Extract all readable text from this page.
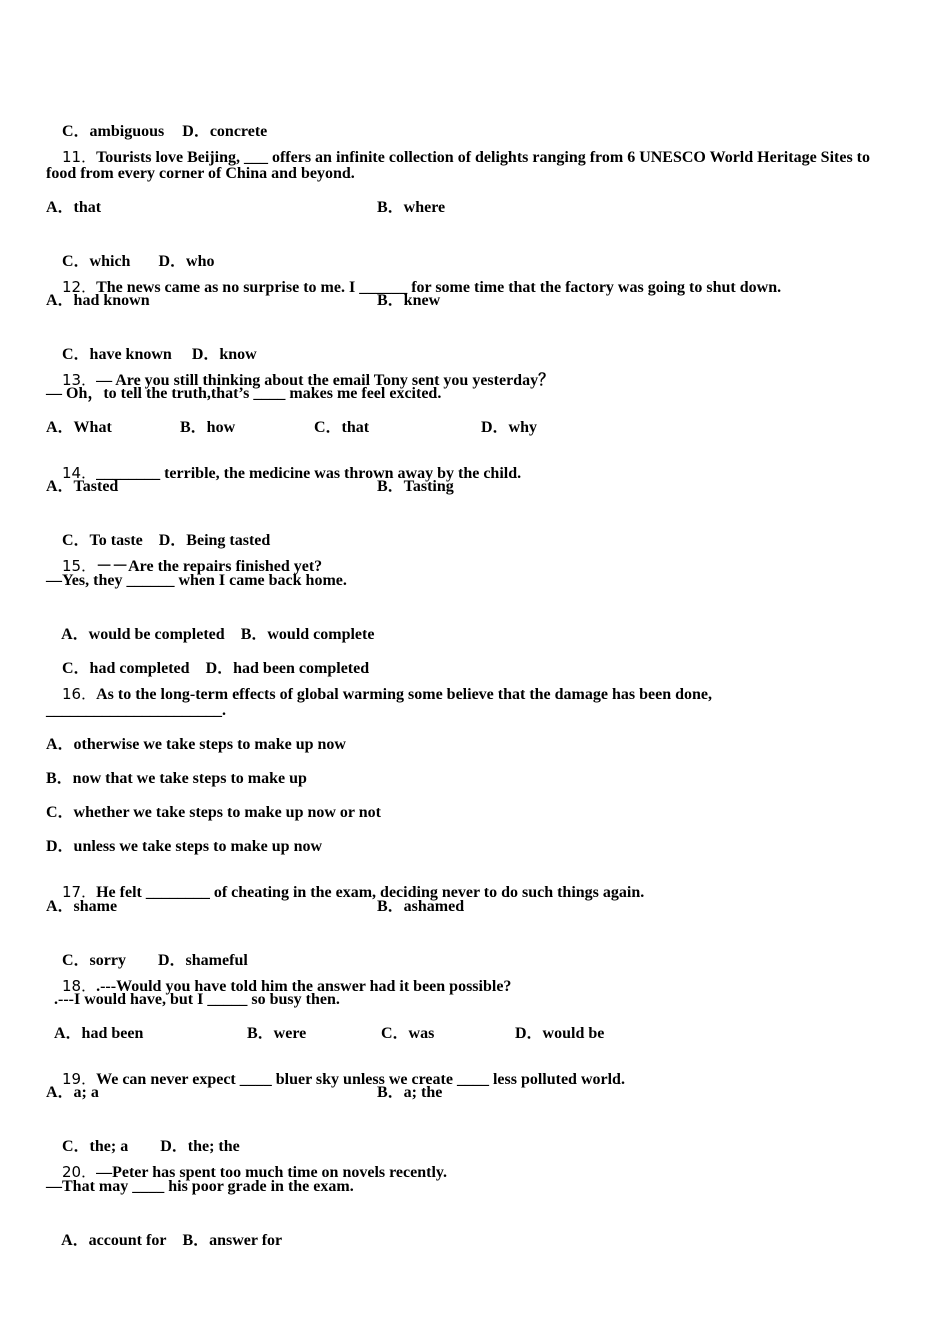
C．ambiguous D．concrete

11．Tourists love Beijing, ___ offers an infinite collection of delights ranging from 6 UNESCO World Heritage Sites to

food from every corner of China and beyond.
A．that	B．where

C．which D．who

12．The news came as no surprise to me. I ______ for some time that the factory was going to shut down.

A．had known	B．knew

C．have known D．know

13．— Are you still thinking about the email Tony sent you yesterday？

— Oh，to tell the truth,that’s ____ makes me feel excited.
A．What	B．how	C．that	D．why

14．________ terrible, the medicine was thrown away by the child.

A．Tasted	B．Tasting

C．To taste D．Being tasted

15．－－Are the repairs finished yet?

—Yes, they ______ when I came back home.

A．would be completed B．would complete

C．had completed D．had been completed

16．As to the long-term effects of global warming some believe that the damage has been done,

______________________.
A．otherwise we take steps to make up now
B．now that we take steps to make up
C．whether we take steps to make up now or not
D．unless we take steps to make up now

17．He felt ________ of cheating in the exam, deciding never to do such things again.

A．shame	B．ashamed

C．sorry D．shameful

18．.---Would you have told him the answer had it been possible?

.---I would have, but I _____ so busy then.
A．had been	B．were	C．was	D．would be

19．We can never expect ____ bluer sky unless we create ____ less polluted world.

A．a; a	B．a; the

C．the; a D．the; the

20．—Peter has spent too much time on novels recently.

—That may ____ his poor grade in the exam.

A．account for B．answer for
